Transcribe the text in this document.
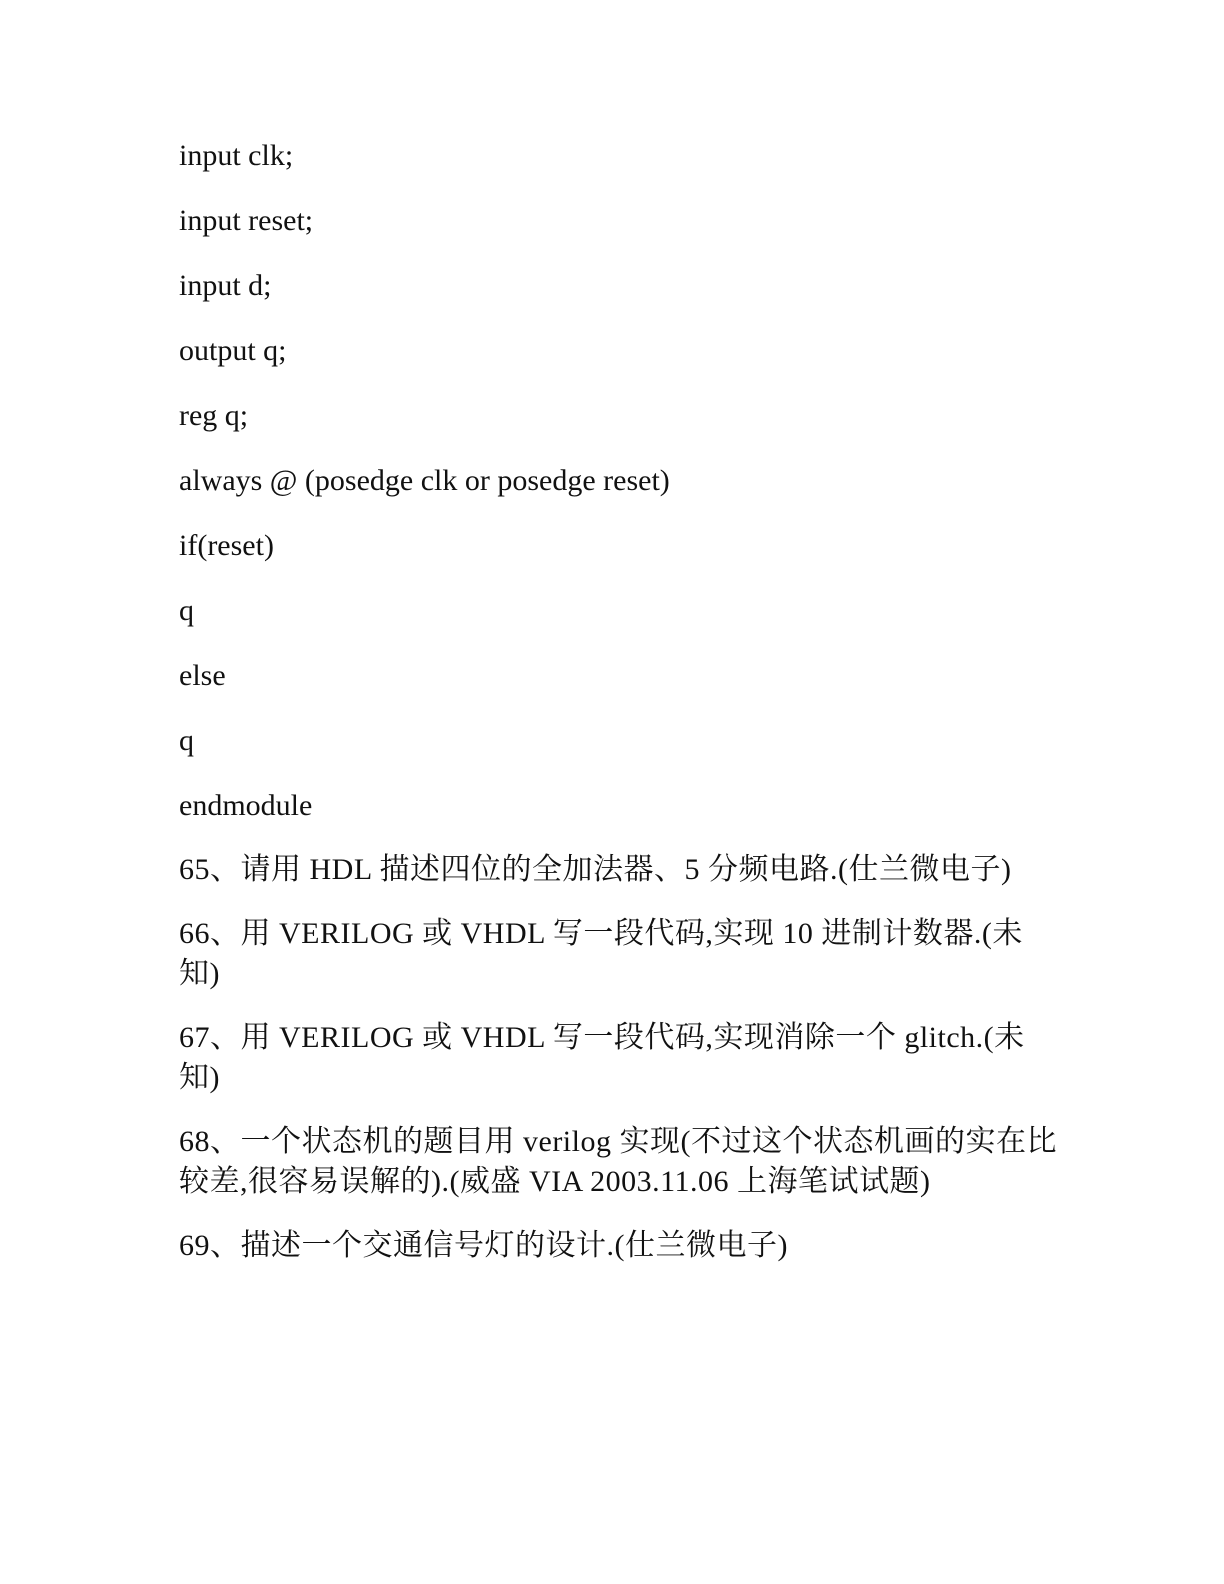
input clk;
input reset;
input d;
output q;
reg q;
always @ (posedge clk or posedge reset)
if(reset)
q
else
q
endmodule

65、请用 HDL 描述四位的全加法器、5 分频电路.(仕兰微电子)

66、用 VERILOG 或 VHDL 写一段代码,实现 10 进制计数器.(未知)

67、用 VERILOG 或 VHDL 写一段代码,实现消除一个 glitch.(未知)

68、一个状态机的题目用 verilog 实现(不过这个状态机画的实在比较差,很容易误解的).(威盛 VIA 2003.11.06 上海笔试试题)

69、描述一个交通信号灯的设计.(仕兰微电子)
